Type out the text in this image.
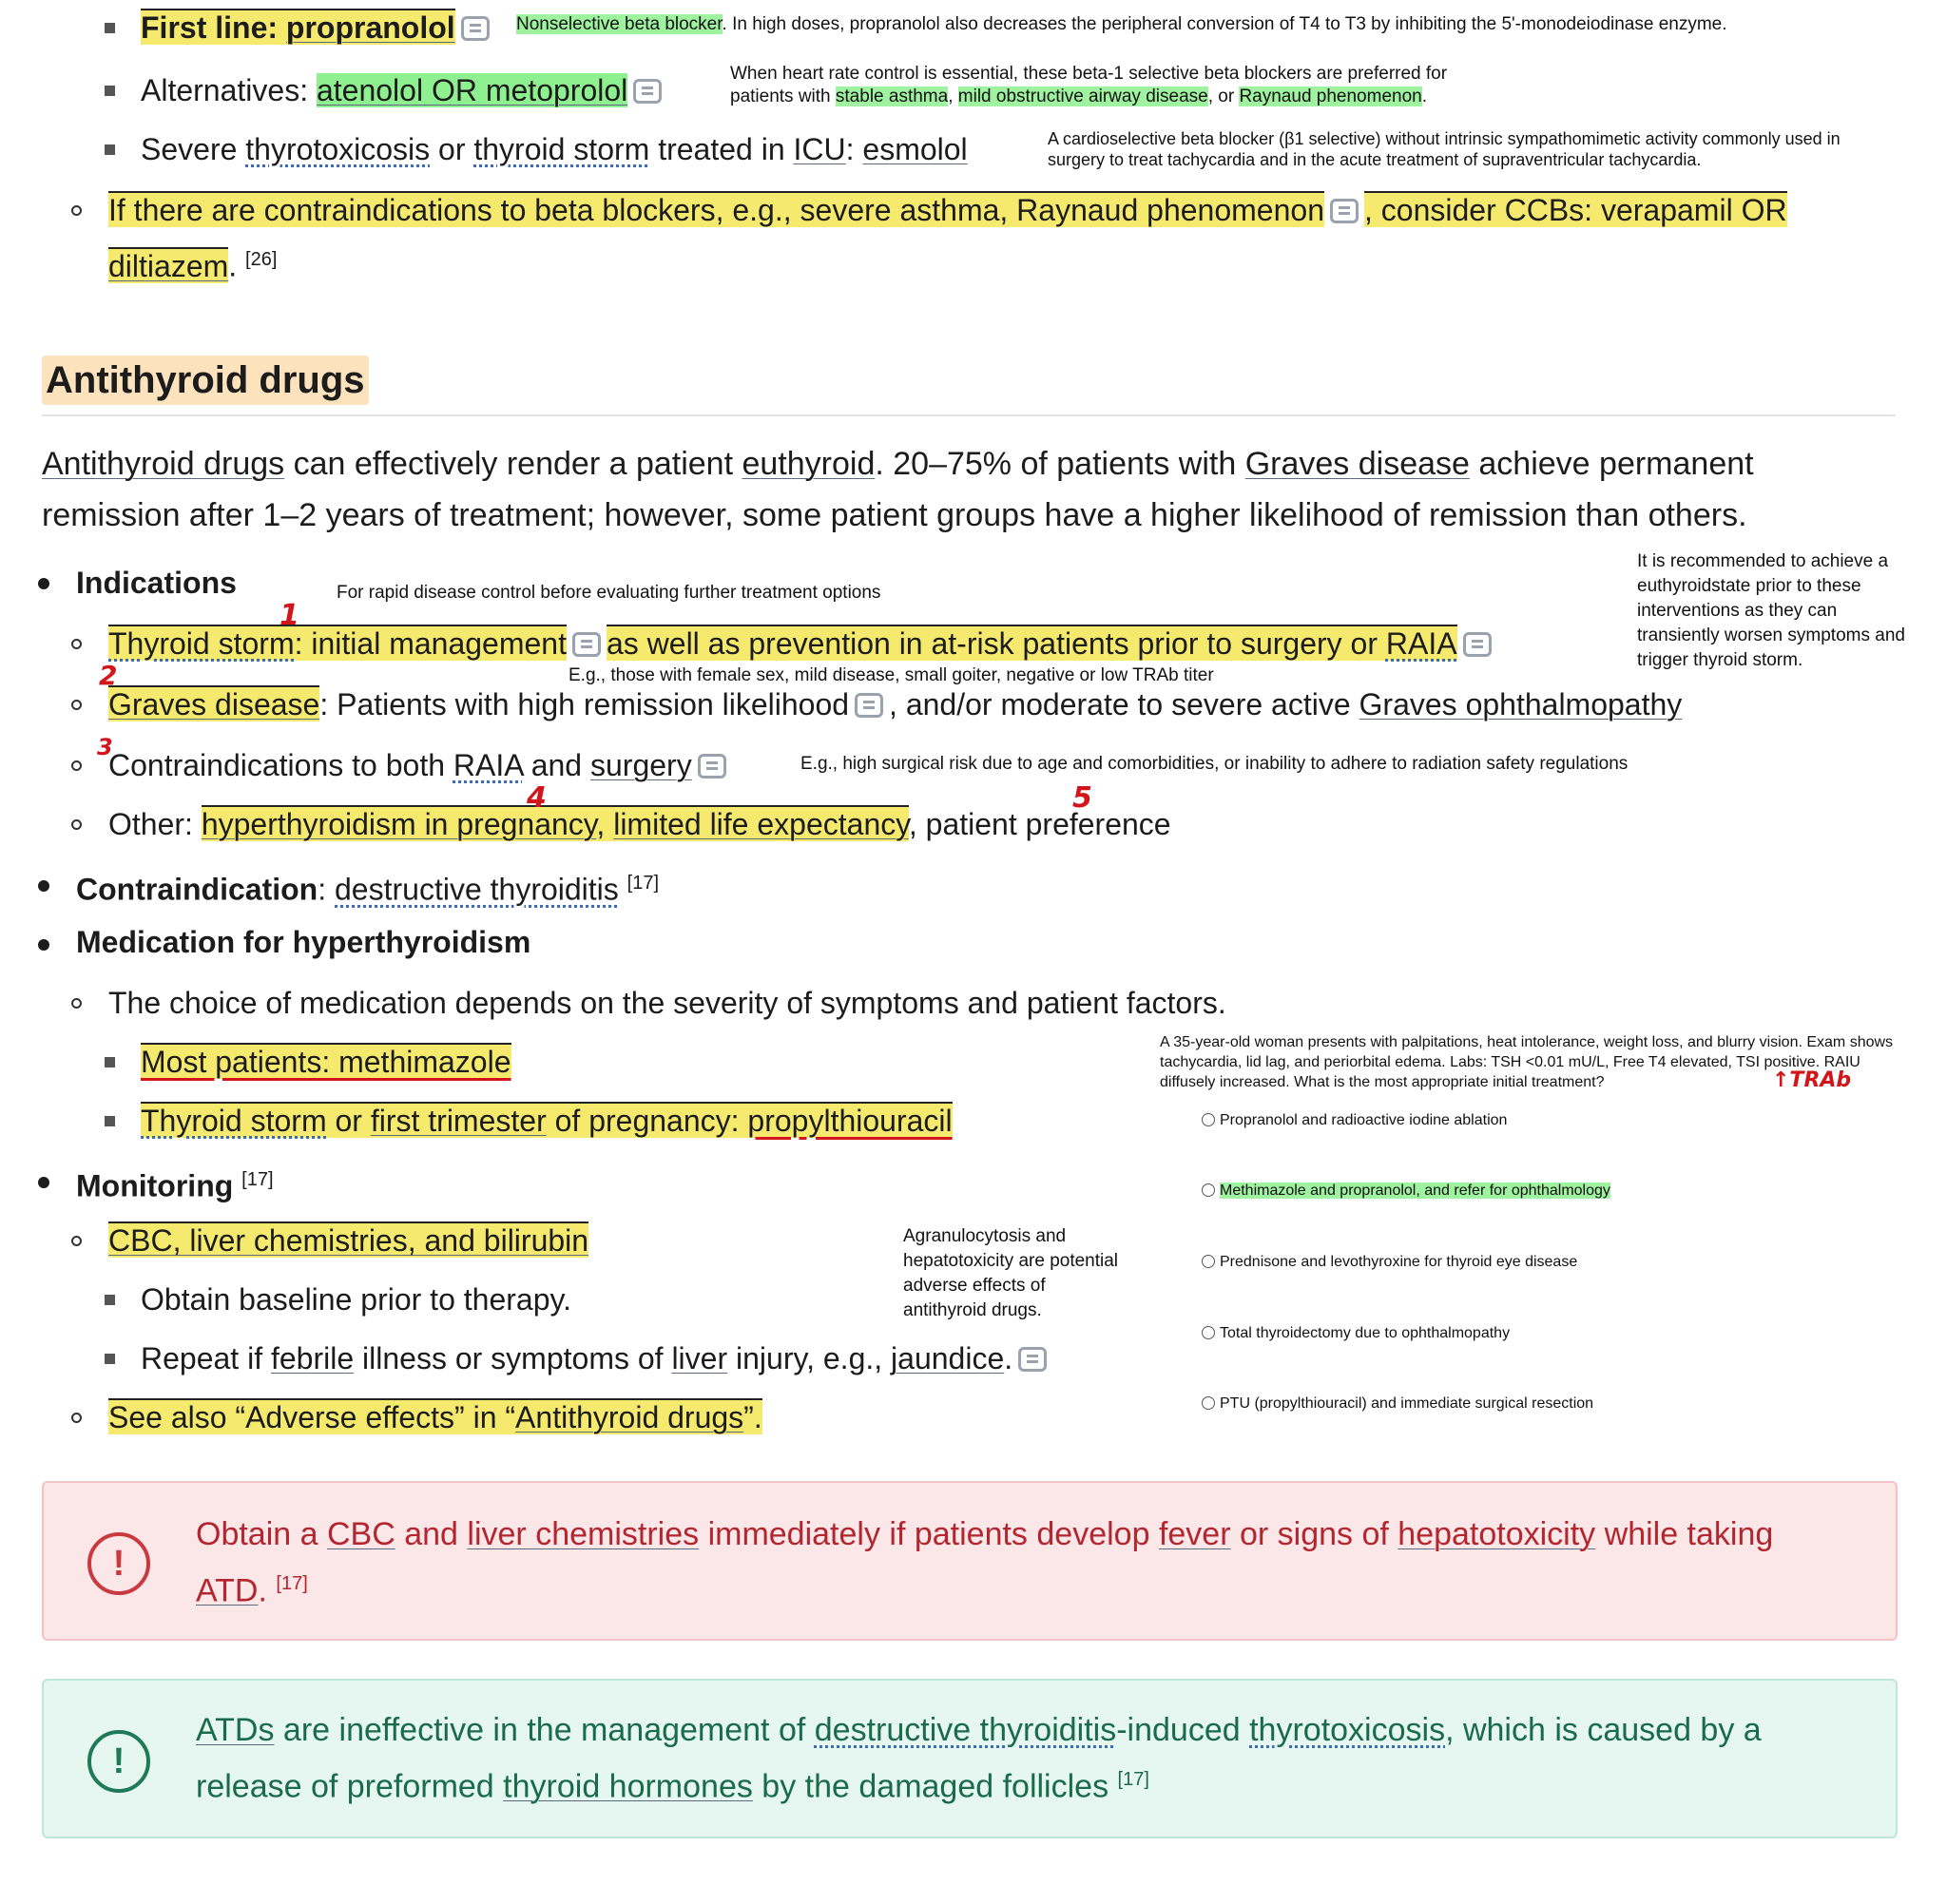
First line: propranolol	Nonselective beta blocker. In high doses, propranolol also decreases the peripheral conversion of T4 to T3 by inhibiting the 5'-monodeiodinase enzyme.
Alternatives: atenolol OR metoprolol	When heart rate control is essential, these beta-1 selective beta blockers are preferred for
patients with stable asthma, mild obstructive airway disease, or Raynaud phenomenon.
Severe thyrotoxicosis or thyroid storm treated in ICU: esmolol	A cardioselective beta blocker (β1 selective) without intrinsic sympathomimetic activity commonly used in
surgery to treat tachycardia and in the acute treatment of supraventricular tachycardia.
If there are contraindications to beta blockers, e.g., severe asthma, Raynaud phenomenon , consider CCBs: verapamil OR
diltiazem. [26]
Antithyroid drugs
Antithyroid drugs can effectively render a patient euthyroid. 20–75% of patients with Graves disease achieve permanent
remission after 1–2 years of treatment; however, some patient groups have a higher likelihood of remission than others.
Indications	For rapid disease control before evaluating further treatment options
It is recommended to achieve a
euthyroidstate prior to these
interventions as they can
transiently worsen symptoms and
trigger thyroid storm.
Thyroid storm: initial management as well as prevention in at-risk patients prior to surgery or RAIA
E.g., those with female sex, mild disease, small goiter, negative or low TRAb titer
Graves disease: Patients with high remission likelihood , and/or moderate to severe active Graves ophthalmopathy
Contraindications to both RAIA and surgery	E.g., high surgical risk due to age and comorbidities, or inability to adhere to radiation safety regulations
Other: hyperthyroidism in pregnancy, limited life expectancy, patient preference
1
2
3
4	5
Contraindication: destructive thyroiditis [17]
Medication for hyperthyroidism
The choice of medication depends on the severity of symptoms and patient factors.
Most patients: methimazole
Thyroid storm or first trimester of pregnancy: propylthiouracil
Monitoring [17]
CBC, liver chemistries, and bilirubin
Obtain baseline prior to therapy.
Repeat if febrile illness or symptoms of liver injury, e.g., jaundice.
See also “Adverse effects” in “Antithyroid drugs”.
Agranulocytosis and
hepatotoxicity are potential
adverse effects of
antithyroid drugs.
A 35-year-old woman presents with palpitations, heat intolerance, weight loss, and blurry vision. Exam shows
tachycardia, lid lag, and periorbital edema. Labs: TSH <0.01 mU/L, Free T4 elevated, TSI positive. RAIU
diffusely increased. What is the most appropriate initial treatment?	↑TRAb
Propranolol and radioactive iodine ablation
Methimazole and propranolol, and refer for ophthalmology
Prednisone and levothyroxine for thyroid eye disease
Total thyroidectomy due to ophthalmopathy
PTU (propylthiouracil) and immediate surgical resection
!
Obtain a CBC and liver chemistries immediately if patients develop fever or signs of hepatotoxicity while taking
ATD. [17]
!
ATDs are ineffective in the management of destructive thyroiditis-induced thyrotoxicosis, which is caused by a
release of preformed thyroid hormones by the damaged follicles [17]
